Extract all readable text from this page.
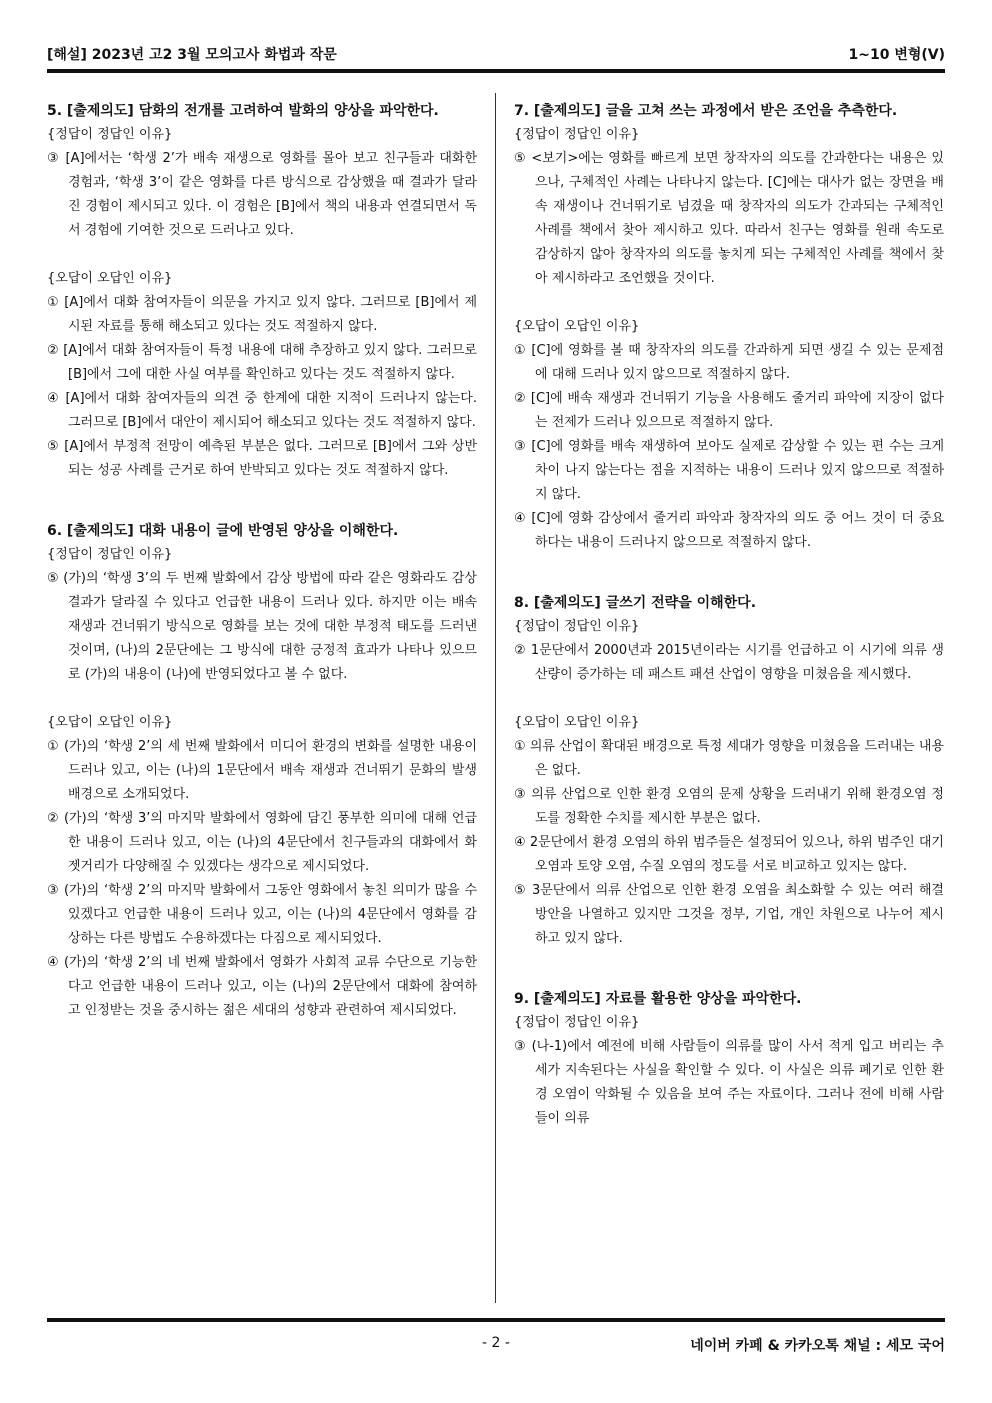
[해설] 2023년 고2 3월 모의고사 화법과 작문	1~10 변형(V)
5. [출제의도] 담화의 전개를 고려하여 발화의 양상을 파악한다.
{정답이 정답인 이유}
③ [A]에서는 ‘학생 2’가 배속 재생으로 영화를 몰아 보고 친구들과 대화한 경험과, ‘학생 3’이 같은 영화를 다른 방식으로 감상했을 때 결과가 달라진 경험이 제시되고 있다. 이 경험은 [B]에서 책의 내용과 연결되면서 독서 경험에 기여한 것으로 드러나고 있다.
{오답이 오답인 이유}
① [A]에서 대화 참여자들이 의문을 가지고 있지 않다. 그러므로 [B]에서 제시된 자료를 통해 해소되고 있다는 것도 적절하지 않다.
② [A]에서 대화 참여자들이 특정 내용에 대해 추장하고 있지 않다. 그러므로 [B]에서 그에 대한 사실 여부를 확인하고 있다는 것도 적절하지 않다.
④ [A]에서 대화 참여자들의 의견 중 한계에 대한 지적이 드러나지 않는다. 그러므로 [B]에서 대안이 제시되어 해소되고 있다는 것도 적절하지 않다.
⑤ [A]에서 부정적 전망이 예측된 부분은 없다. 그러므로 [B]에서 그와 상반되는 성공 사례를 근거로 하여 반박되고 있다는 것도 적절하지 않다.
6. [출제의도] 대화 내용이 글에 반영된 양상을 이해한다.
{정답이 정답인 이유}
⑤ (가)의 ‘학생 3’의 두 번째 발화에서 감상 방법에 따라 같은 영화라도 감상 결과가 달라질 수 있다고 언급한 내용이 드러나 있다. 하지만 이는 배속 재생과 건너뛰기 방식으로 영화를 보는 것에 대한 부정적 태도를 드러낸 것이며, (나)의 2문단에는 그 방식에 대한 긍정적 효과가 나타나 있으므로 (가)의 내용이 (나)에 반영되었다고 볼 수 없다.
{오답이 오답인 이유}
① (가)의 ‘학생 2’의 세 번째 발화에서 미디어 환경의 변화를 설명한 내용이 드러나 있고, 이는 (나)의 1문단에서 배속 재생과 건너뛰기 문화의 발생 배경으로 소개되었다.
② (가)의 ‘학생 3’의 마지막 발화에서 영화에 담긴 풍부한 의미에 대해 언급한 내용이 드러나 있고, 이는 (나)의 4문단에서 친구들과의 대화에서 화젯거리가 다양해질 수 있겠다는 생각으로 제시되었다.
③ (가)의 ‘학생 2’의 마지막 발화에서 그동안 영화에서 놓친 의미가 많을 수 있겠다고 언급한 내용이 드러나 있고, 이는 (나)의 4문단에서 영화를 감상하는 다른 방법도 수용하겠다는 다짐으로 제시되었다.
④ (가)의 ‘학생 2’의 네 번째 발화에서 영화가 사회적 교류 수단으로 기능한다고 언급한 내용이 드러나 있고, 이는 (나)의 2문단에서 대화에 참여하고 인정받는 것을 중시하는 젊은 세대의 성향과 관련하여 제시되었다.
7. [출제의도] 글을 고쳐 쓰는 과정에서 받은 조언을 추측한다.
{정답이 정답인 이유}
⑤ <보기>에는 영화를 빠르게 보면 창작자의 의도를 간과한다는 내용은 있으나, 구체적인 사례는 나타나지 않는다. [C]에는 대사가 없는 장면을 배속 재생이나 건너뛰기로 넘겼을 때 창작자의 의도가 간과되는 구체적인 사례를 책에서 찾아 제시하고 있다. 따라서 친구는 영화를 원래 속도로 감상하지 않아 창작자의 의도를 놓치게 되는 구체적인 사례를 책에서 찾아 제시하라고 조언했을 것이다.
{오답이 오답인 이유}
① [C]에 영화를 볼 때 창작자의 의도를 간과하게 되면 생길 수 있는 문제점에 대해 드러나 있지 않으므로 적절하지 않다.
② [C]에 배속 재생과 건너뛰기 기능을 사용해도 줄거리 파악에 지장이 없다는 전제가 드러나 있으므로 적절하지 않다.
③ [C]에 영화를 배속 재생하여 보아도 실제로 감상할 수 있는 편 수는 크게 차이 나지 않는다는 점을 지적하는 내용이 드러나 있지 않으므로 적절하지 않다.
④ [C]에 영화 감상에서 줄거리 파악과 창작자의 의도 중 어느 것이 더 중요하다는 내용이 드러나지 않으므로 적절하지 않다.
8. [출제의도] 글쓰기 전략을 이해한다.
{정답이 정답인 이유}
② 1문단에서 2000년과 2015년이라는 시기를 언급하고 이 시기에 의류 생산량이 증가하는 데 패스트 패션 산업이 영향을 미쳤음을 제시했다.
{오답이 오답인 이유}
① 의류 산업이 확대된 배경으로 특정 세대가 영향을 미쳤음을 드러내는 내용은 없다.
③ 의류 산업으로 인한 환경 오염의 문제 상황을 드러내기 위해 환경오염 정도를 정확한 수치를 제시한 부분은 없다.
④ 2문단에서 환경 오염의 하위 범주들은 설정되어 있으나, 하위 범주인 대기 오염과 토양 오염, 수질 오염의 정도를 서로 비교하고 있지는 않다.
⑤ 3문단에서 의류 산업으로 인한 환경 오염을 최소화할 수 있는 여러 해결 방안을 나열하고 있지만 그것을 정부, 기업, 개인 차원으로 나누어 제시하고 있지 않다.
9. [출제의도] 자료를 활용한 양상을 파악한다.
{정답이 정답인 이유}
③ (나-1)에서 예전에 비해 사람들이 의류를 많이 사서 적게 입고 버리는 추세가 지속된다는 사실을 확인할 수 있다. 이 사실은 의류 폐기로 인한 환경 오염이 악화될 수 있음을 보여 주는 자료이다. 그러나 전에 비해 사람들이 의류
- 2 -	네이버 카페 & 카카오톡 채널 : 세모 국어
